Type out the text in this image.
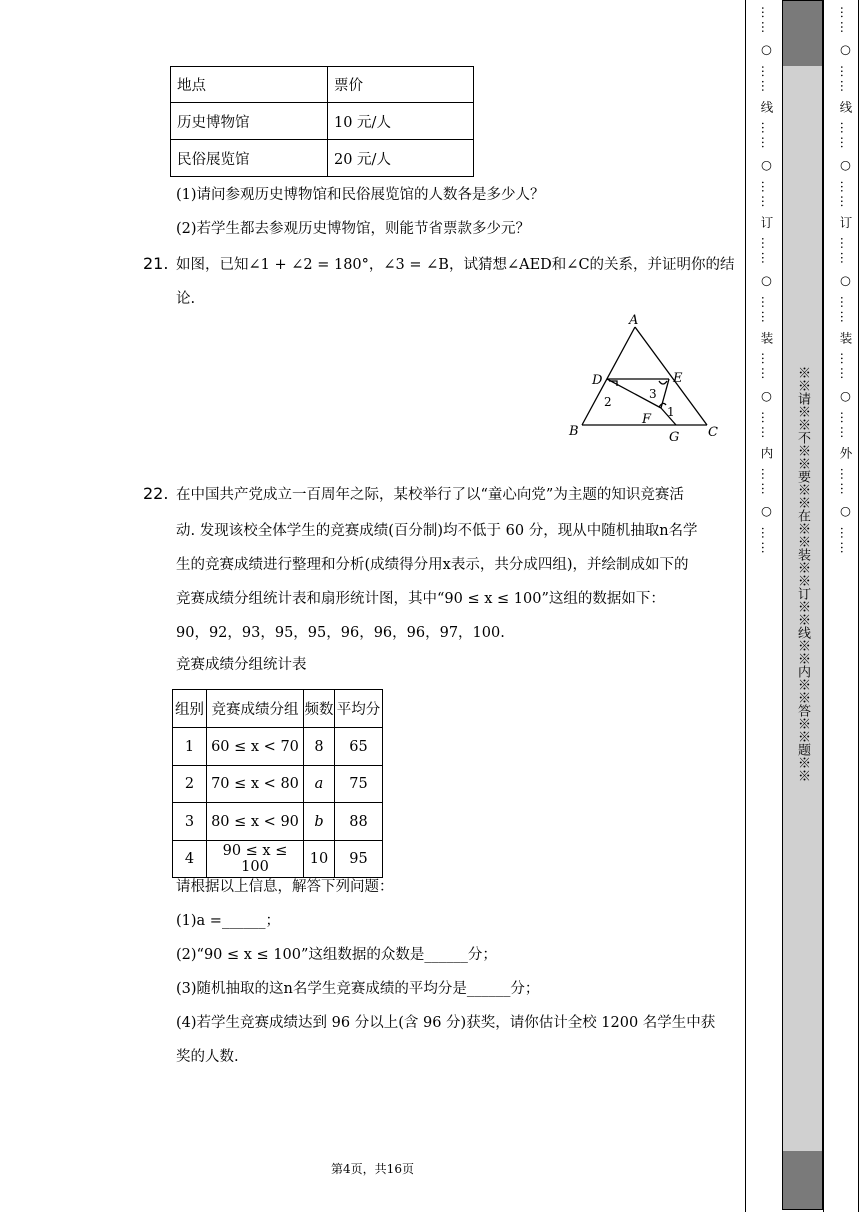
地点	票价
历史博物馆	10 元/人
民俗展览馆	20 元/人
(1)请问参观历史博物馆和民俗展览馆的人数各是多少人？
(2)若学生都去参观历史博物馆，则能节省票款多少元？
21. 如图，已知∠1 + ∠2 = 180°，∠3 = ∠B，试猜想∠AED和∠C的关系，并证明你的结
论.
A
B	C
D	E
F
G
2
3
1
22. 在中国共产党成立一百周年之际，某校举行了以“童心向党”为主题的知识竞赛活
动. 发现该校全体学生的竞赛成绩(百分制)均不低于 60 分，现从中随机抽取n名学
生的竞赛成绩进行整理和分析(成绩得分用x表示，共分成四组)，并绘制成如下的
竞赛成绩分组统计表和扇形统计图，其中“90 ≤ x ≤ 100”这组的数据如下：
90，92，93，95，95，96，96，96，97，100.
竞赛成绩分组统计表
组别	竞赛成绩分组	频数	平均分
1	60 ≤ x < 70	8	65
2	70 ≤ x < 80	a	75
3	80 ≤ x < 90	b	88
4	90 ≤ x ≤ 100	10	95
请根据以上信息，解答下列问题：
(1)a =______；
(2)“90 ≤ x ≤ 100”这组数据的众数是______分；
(3)随机抽取的这n名学生竞赛成绩的平均分是______分；
(4)若学生竞赛成绩达到 96 分以上(含 96 分)获奖，请你估计全校 1200 名学生中获
奖的人数.
第4页，共16页
…… ○ …… 线 …… ○ …… 订 …… ○ …… 装 …… ○ …… 内 …… ○ ……
※※请※※不※※要※※在※※装※※订※※线※※内※※答※※题※※
…… ○ …… 线 …… ○ …… 订 …… ○ …… 装 …… ○ …… 外 …… ○ ……
